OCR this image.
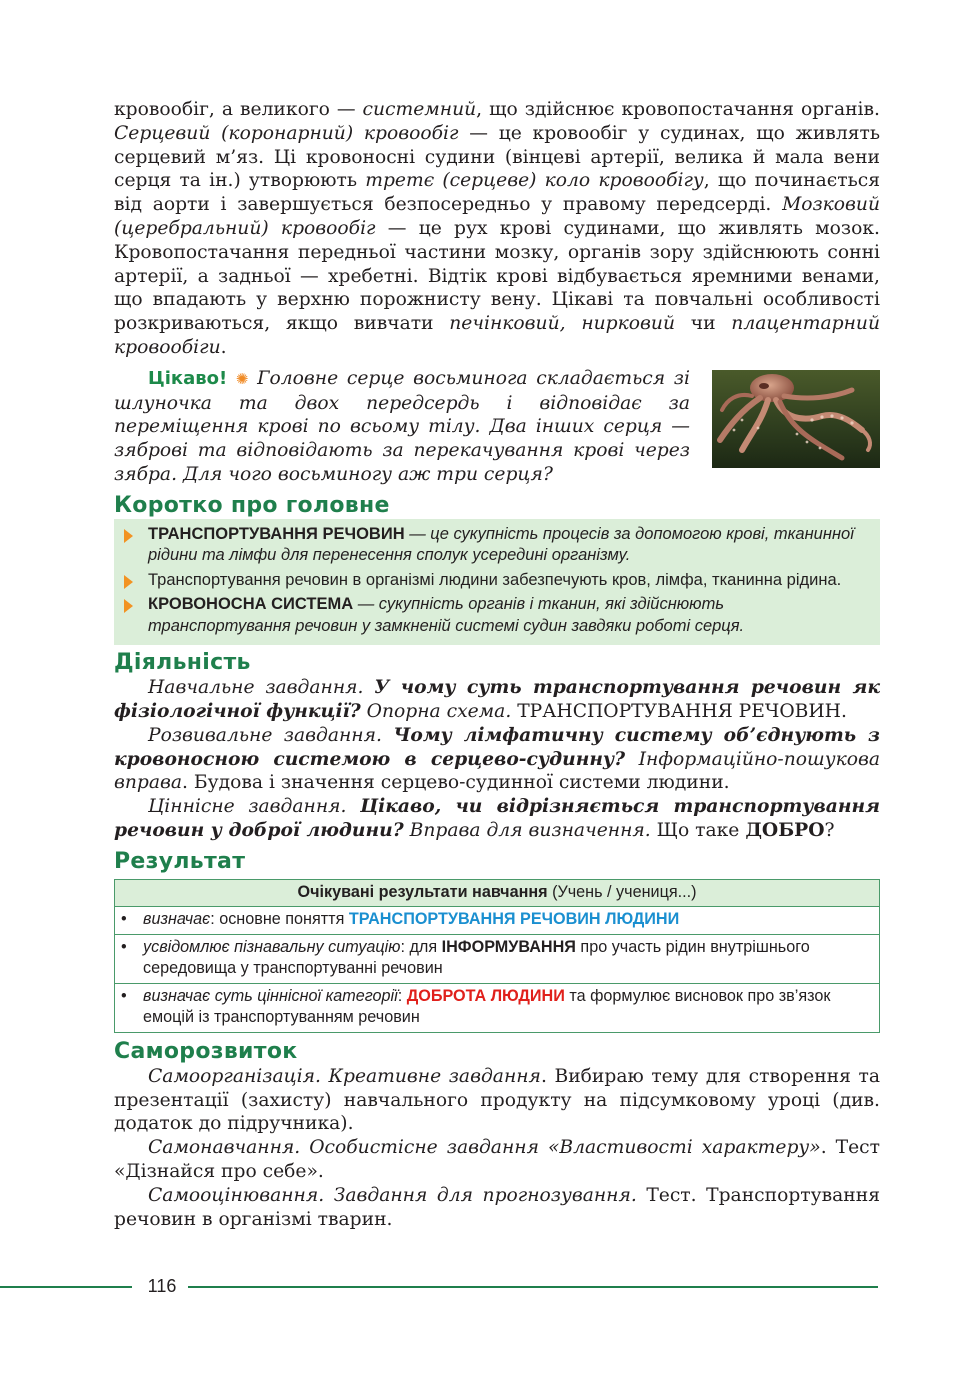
кровообіг, а великого — системний, що здійснює кровопостачання органів. Серцевий (коронарний) кровообіг — це кровообіг у судинах, що живлять серцевий м’яз. Ці кровоносні судини (вінцеві артерії, велика й мала вени серця та ін.) утворюють третє (серцеве) коло кровообігу, що починається від аорти і завершується безпосередньо у правому передсерді. Мозковий (церебральний) кровообіг — це рух крові судинами, що живлять мозок. Кровопостачання передньої частини мозку, органів зору здійснюють сонні артерії, а задньої — хребетні. Відтік крові відбувається яремними венами, що впадають у верхню порожнисту вену. Цікаві та повчальні особливості розкриваються, якщо вивчати печінковий, нирковий чи плацентарний кровообіги.

Цікаво! ✺ Головне серце восьминога складається зі шлуночка та двох передсердь і відповідає за переміщення крові по всьому тілу. Два інших серця — зяброві та відповідають за перекачування крові через зябра. Для чого восьминогу аж три серця?

Коротко про головне
ТРАНСПОРТУВАННЯ РЕЧОВИН — це сукупність процесів за допомогою крові, тканинної рідини та лімфи для перенесення сполук усередині організму.
Транспортування речовин в організмі людини забезпечують кров, лімфа, тканинна рідина.
КРОВОНОСНА СИСТЕМА — сукупність органів і тканин, які здійснюють транспортування речовин у замкненій системі судин завдяки роботі серця.
Діяльність

Навчальне завдання. У чому суть транспортування речовин як фізіологічної функції? Опорна схема. ТРАНСПОРТУВАННЯ РЕЧОВИН.

Розвивальне завдання. Чому лімфатичну систему об’єднують з кровоносною системою в серцево-судинну? Інформаційно-пошукова вправа. Будова і значення серцево-судинної системи людини.

Ціннісне завдання. Цікаво, чи відрізняється транспортування речовин у доброї людини? Вправа для визначення. Що таке ДОБРО?

Результат
Очікувані результати навчання (Учень / учениця...)

•	визначає: основне поняття ТРАНСПОРТУВАННЯ РЕЧОВИН ЛЮДИНИ

•	усвідомлює пізнавальну ситуацію: для ІНФОРМУВАННЯ про участь рідин внутрішнього середовища у транспортуванні речовин

•	визначає суть ціннісної категорії: ДОБРОТА ЛЮДИНИ та формулює висновок про зв’язок емоцій із транспортуванням речовин
Саморозвиток

Самоорганізація. Креативне завдання. Вибираю тему для створення та презентації (захисту) навчального продукту на підсумковому уроці (див. додаток до підручника).

Самонавчання. Особистісне завдання «Властивості характеру». Тест «Дізнайся про себе».

Самооцінювання. Завдання для прогнозування. Тест. Транспортування речовин в організмі тварин.

116
